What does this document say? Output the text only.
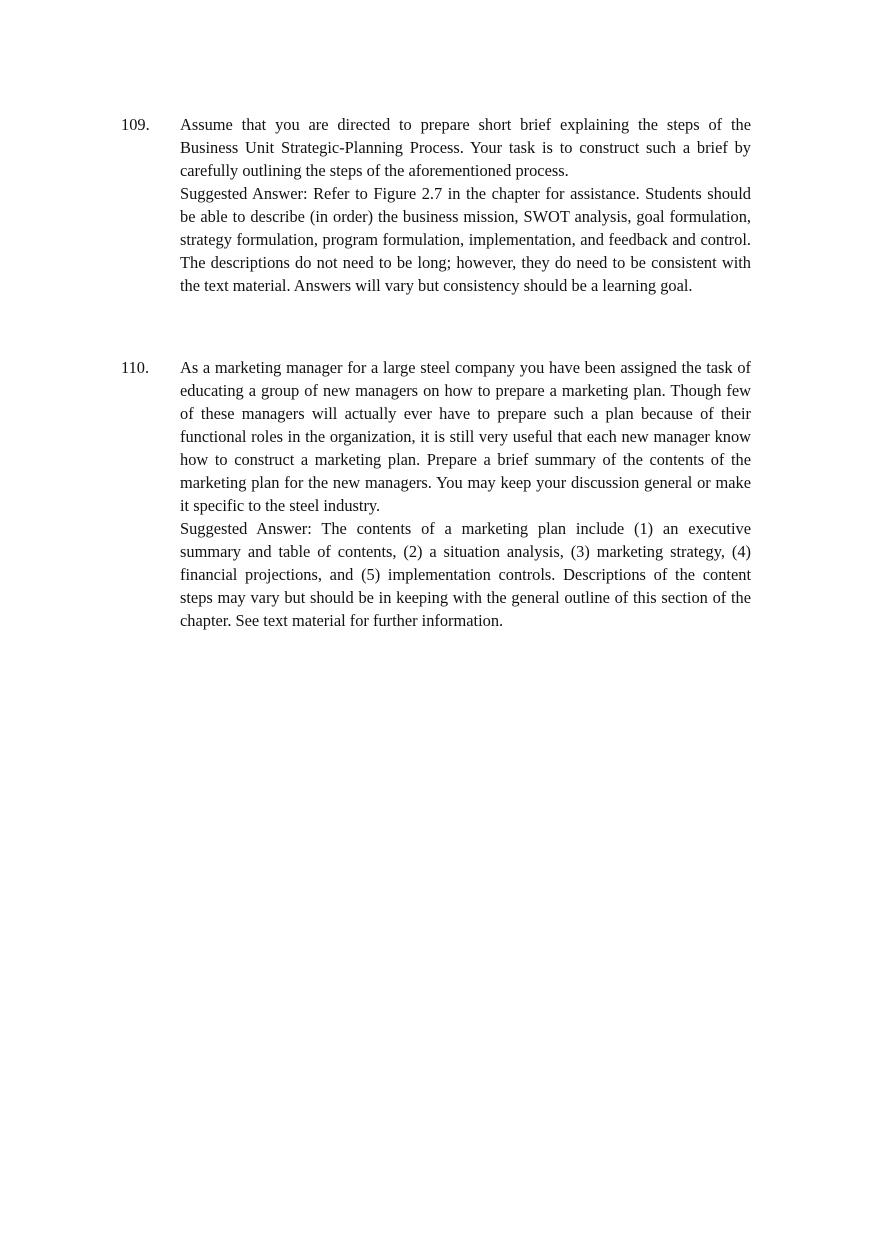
109. Assume that you are directed to prepare short brief explaining the steps of the Business Unit Strategic-Planning Process. Your task is to construct such a brief by carefully outlining the steps of the aforementioned process.

Suggested Answer: Refer to Figure 2.7 in the chapter for assistance. Students should be able to describe (in order) the business mission, SWOT analysis, goal formulation, strategy formulation, program formulation, implementation, and feedback and control. The descriptions do not need to be long; however, they do need to be consistent with the text material. Answers will vary but consistency should be a learning goal.

110. As a marketing manager for a large steel company you have been assigned the task of educating a group of new managers on how to prepare a marketing plan. Though few of these managers will actually ever have to prepare such a plan because of their functional roles in the organization, it is still very useful that each new manager know how to construct a marketing plan. Prepare a brief summary of the contents of the marketing plan for the new managers. You may keep your discussion general or make it specific to the steel industry.

Suggested Answer: The contents of a marketing plan include (1) an executive summary and table of contents, (2) a situation analysis, (3) marketing strategy, (4) financial projections, and (5) implementation controls. Descriptions of the content steps may vary but should be in keeping with the general outline of this section of the chapter. See text material for further information.
